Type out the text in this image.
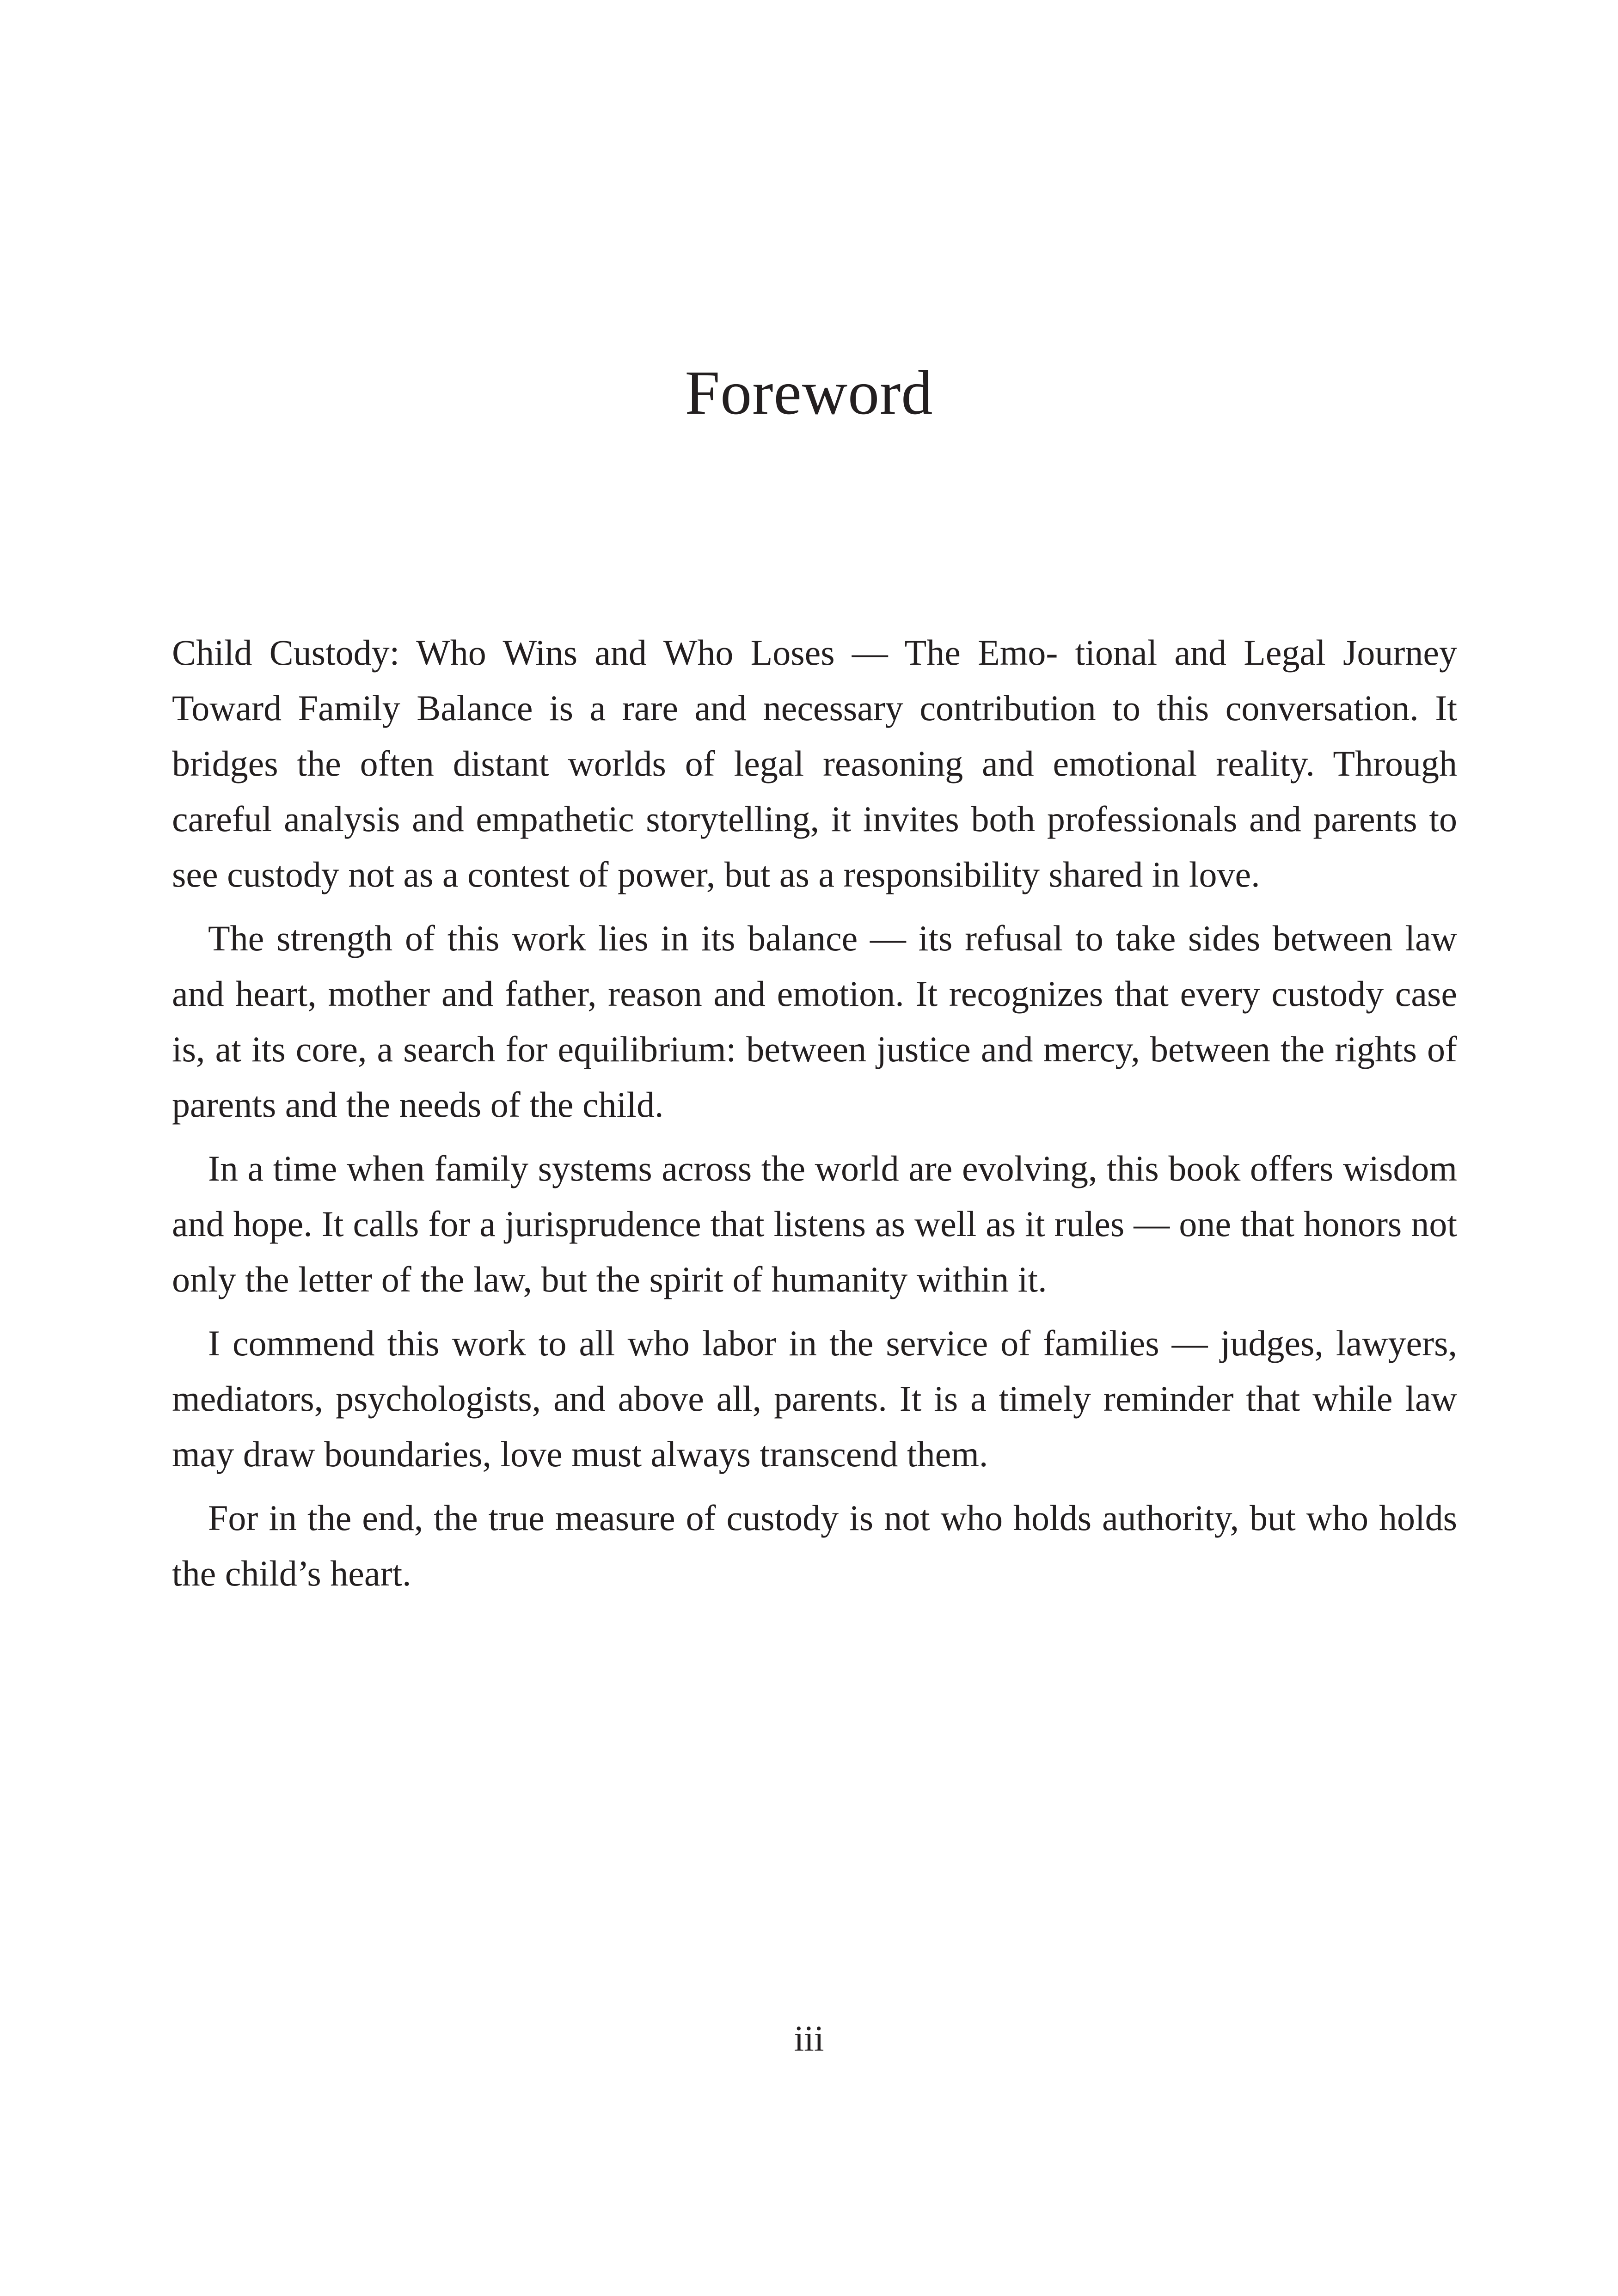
Foreword

Child Custody: Who Wins and Who Loses — The Emo- tional and Legal Journey Toward Family Balance is a rare and necessary contribution to this conversation. It bridges the often distant worlds of legal reasoning and emotional reality. Through careful analysis and empathetic storytelling, it invites both professionals and parents to see custody not as a contest of power, but as a responsibility shared in love.

The strength of this work lies in its balance — its refusal to take sides between law and heart, mother and father, reason and emotion. It recognizes that every custody case is, at its core, a search for equilibrium: between justice and mercy, between the rights of parents and the needs of the child.

In a time when family systems across the world are evolving, this book offers wisdom and hope. It calls for a jurisprudence that listens as well as it rules — one that honors not only the letter of the law, but the spirit of humanity within it.

I commend this work to all who labor in the service of families — judges, lawyers, mediators, psychologists, and above all, parents. It is a timely reminder that while law may draw boundaries, love must always transcend them.

For in the end, the true measure of custody is not who holds authority, but who holds the child’s heart.

iii
